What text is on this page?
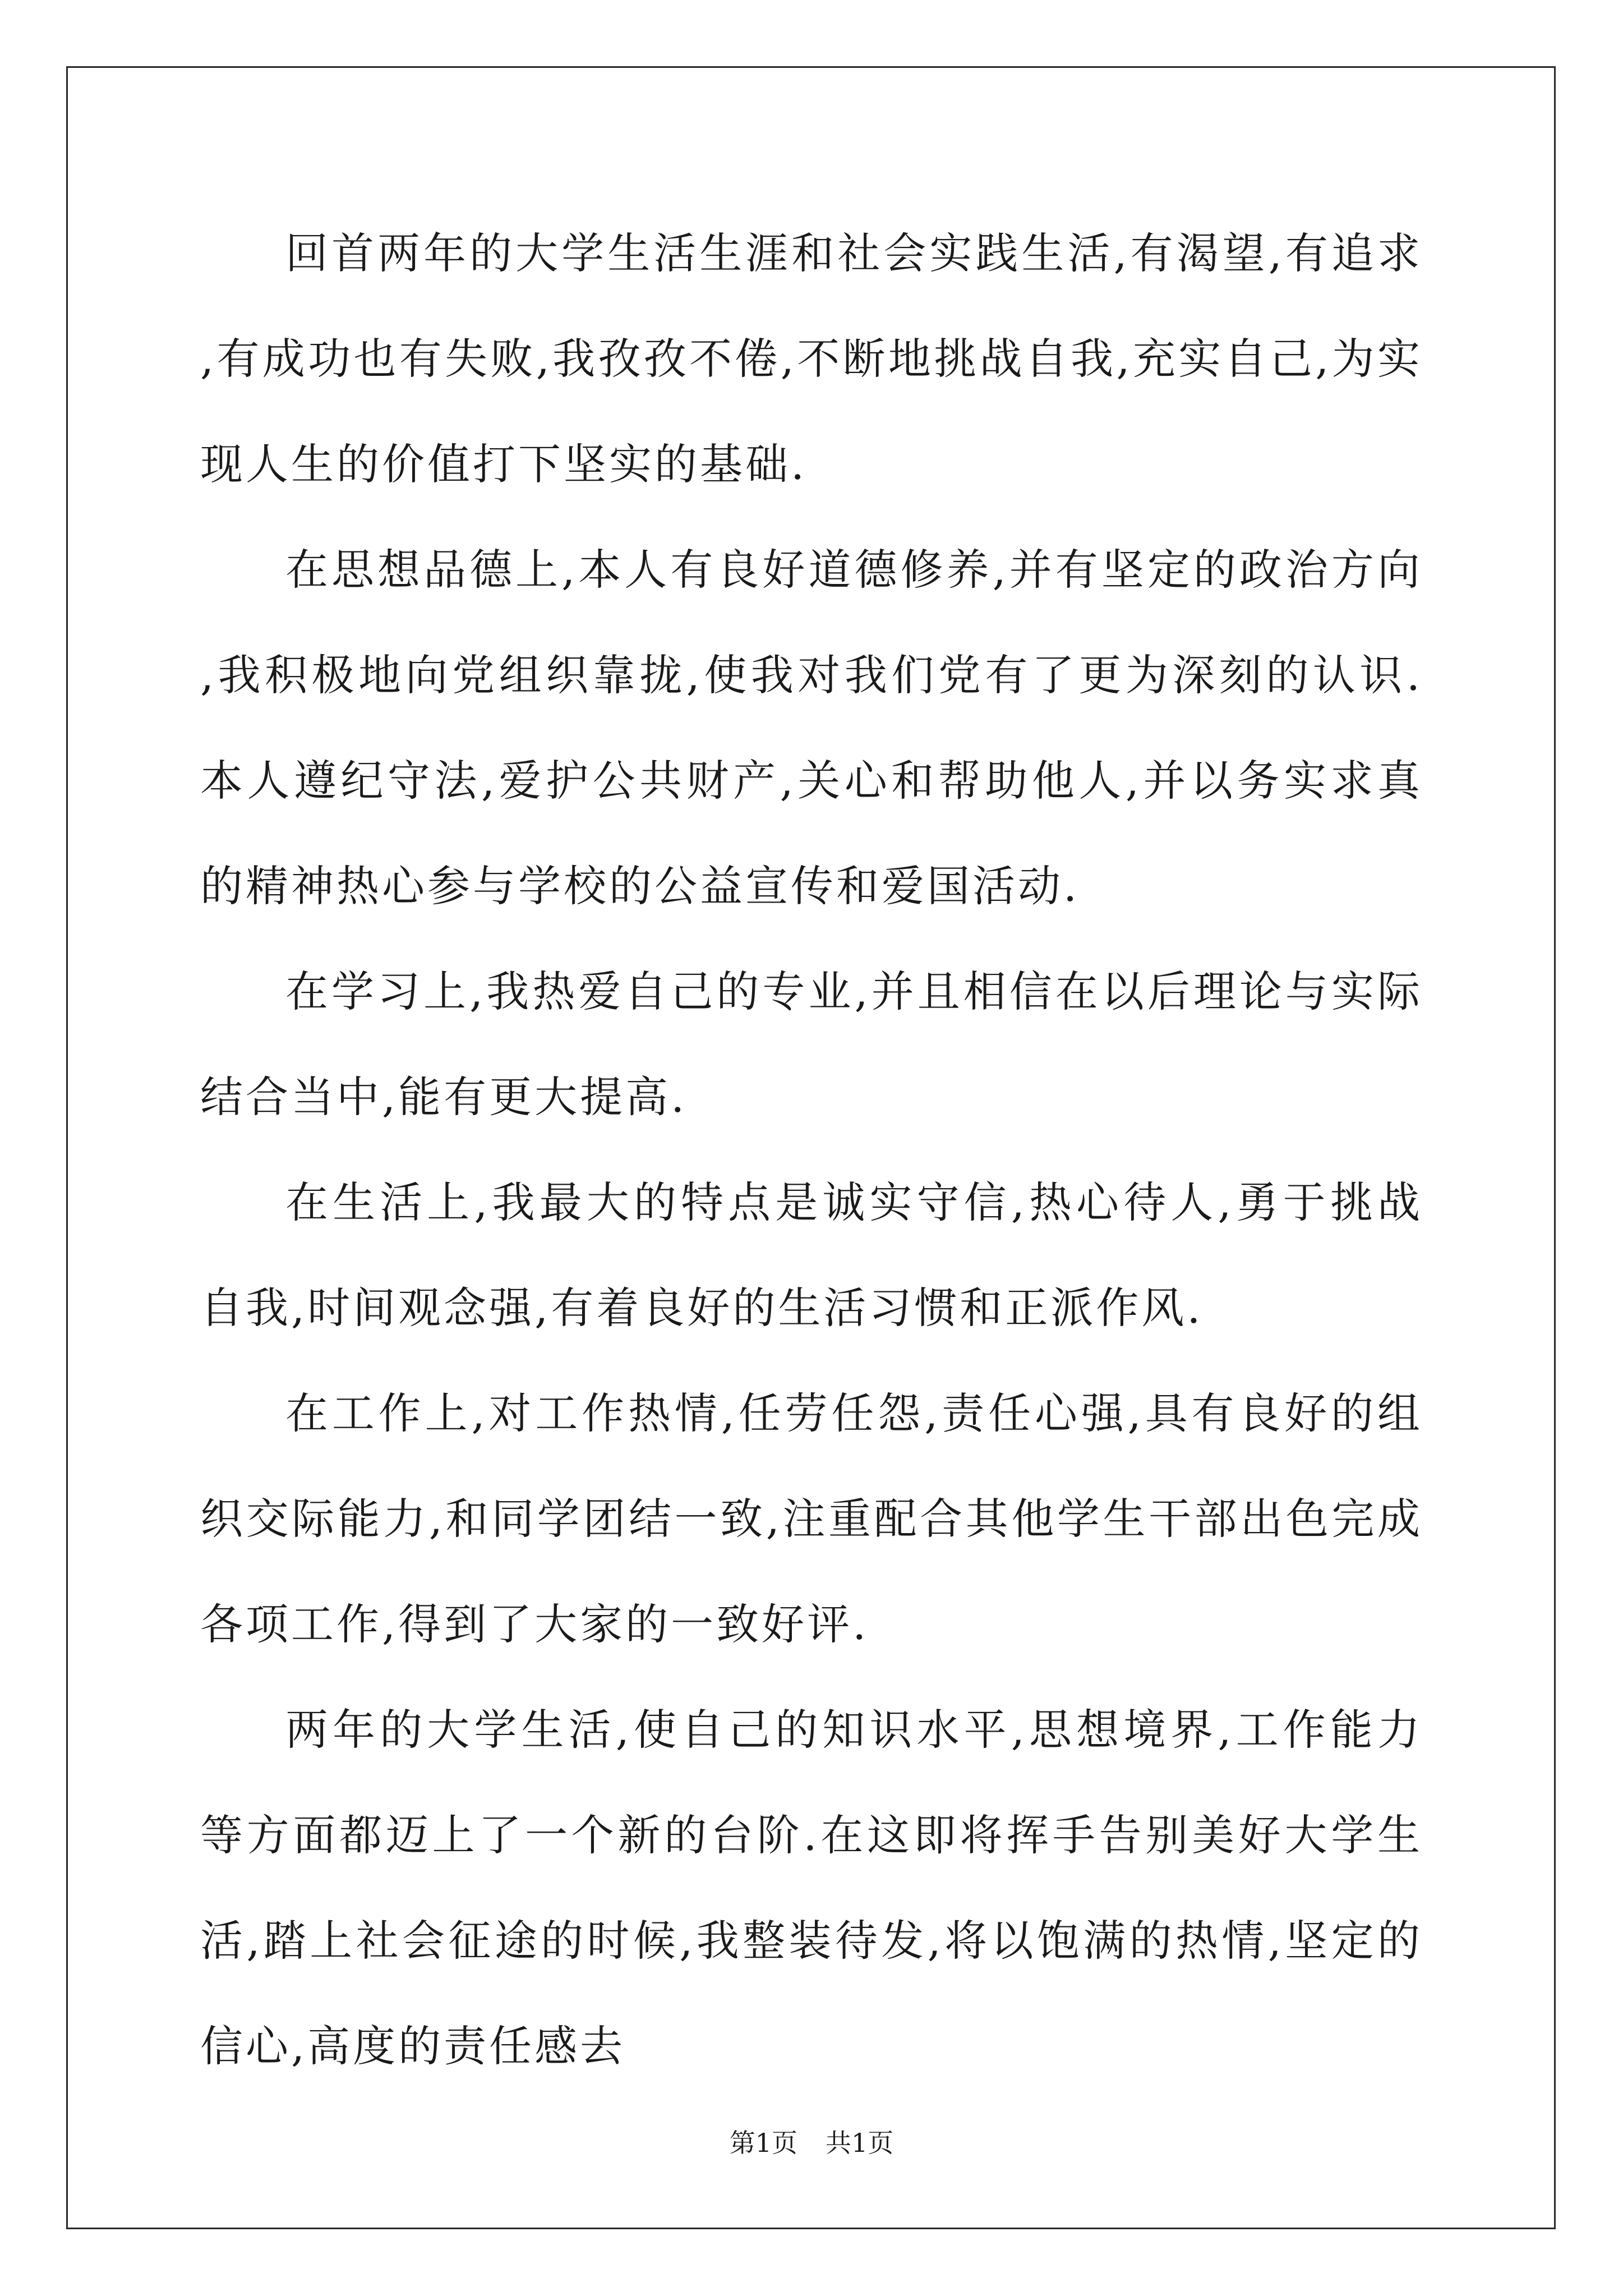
回首两年的大学生活生涯和社会实践生活,有渴望,有追求,有成功也有失败,我孜孜不倦,不断地挑战自我,充实自己,为实现人生的价值打下坚实的基础.

在思想品德上,本人有良好道德修养,并有坚定的政治方向,我积极地向党组织靠拢,使我对我们党有了更为深刻的认识.本人遵纪守法,爱护公共财产,关心和帮助他人,并以务实求真的精神热心参与学校的公益宣传和爱国活动.

在学习上,我热爱自己的专业,并且相信在以后理论与实际结合当中,能有更大提高.

在生活上,我最大的特点是诚实守信,热心待人,勇于挑战自我,时间观念强,有着良好的生活习惯和正派作风.

在工作上,对工作热情,任劳任怨,责任心强,具有良好的组织交际能力,和同学团结一致,注重配合其他学生干部出色完成各项工作,得到了大家的一致好评.

两年的大学生活,使自己的知识水平,思想境界,工作能力等方面都迈上了一个新的台阶.在这即将挥手告别美好大学生活,踏上社会征途的时候,我整装待发,将以饱满的热情,坚定的信心,高度的责任感去

第1页 共1页
